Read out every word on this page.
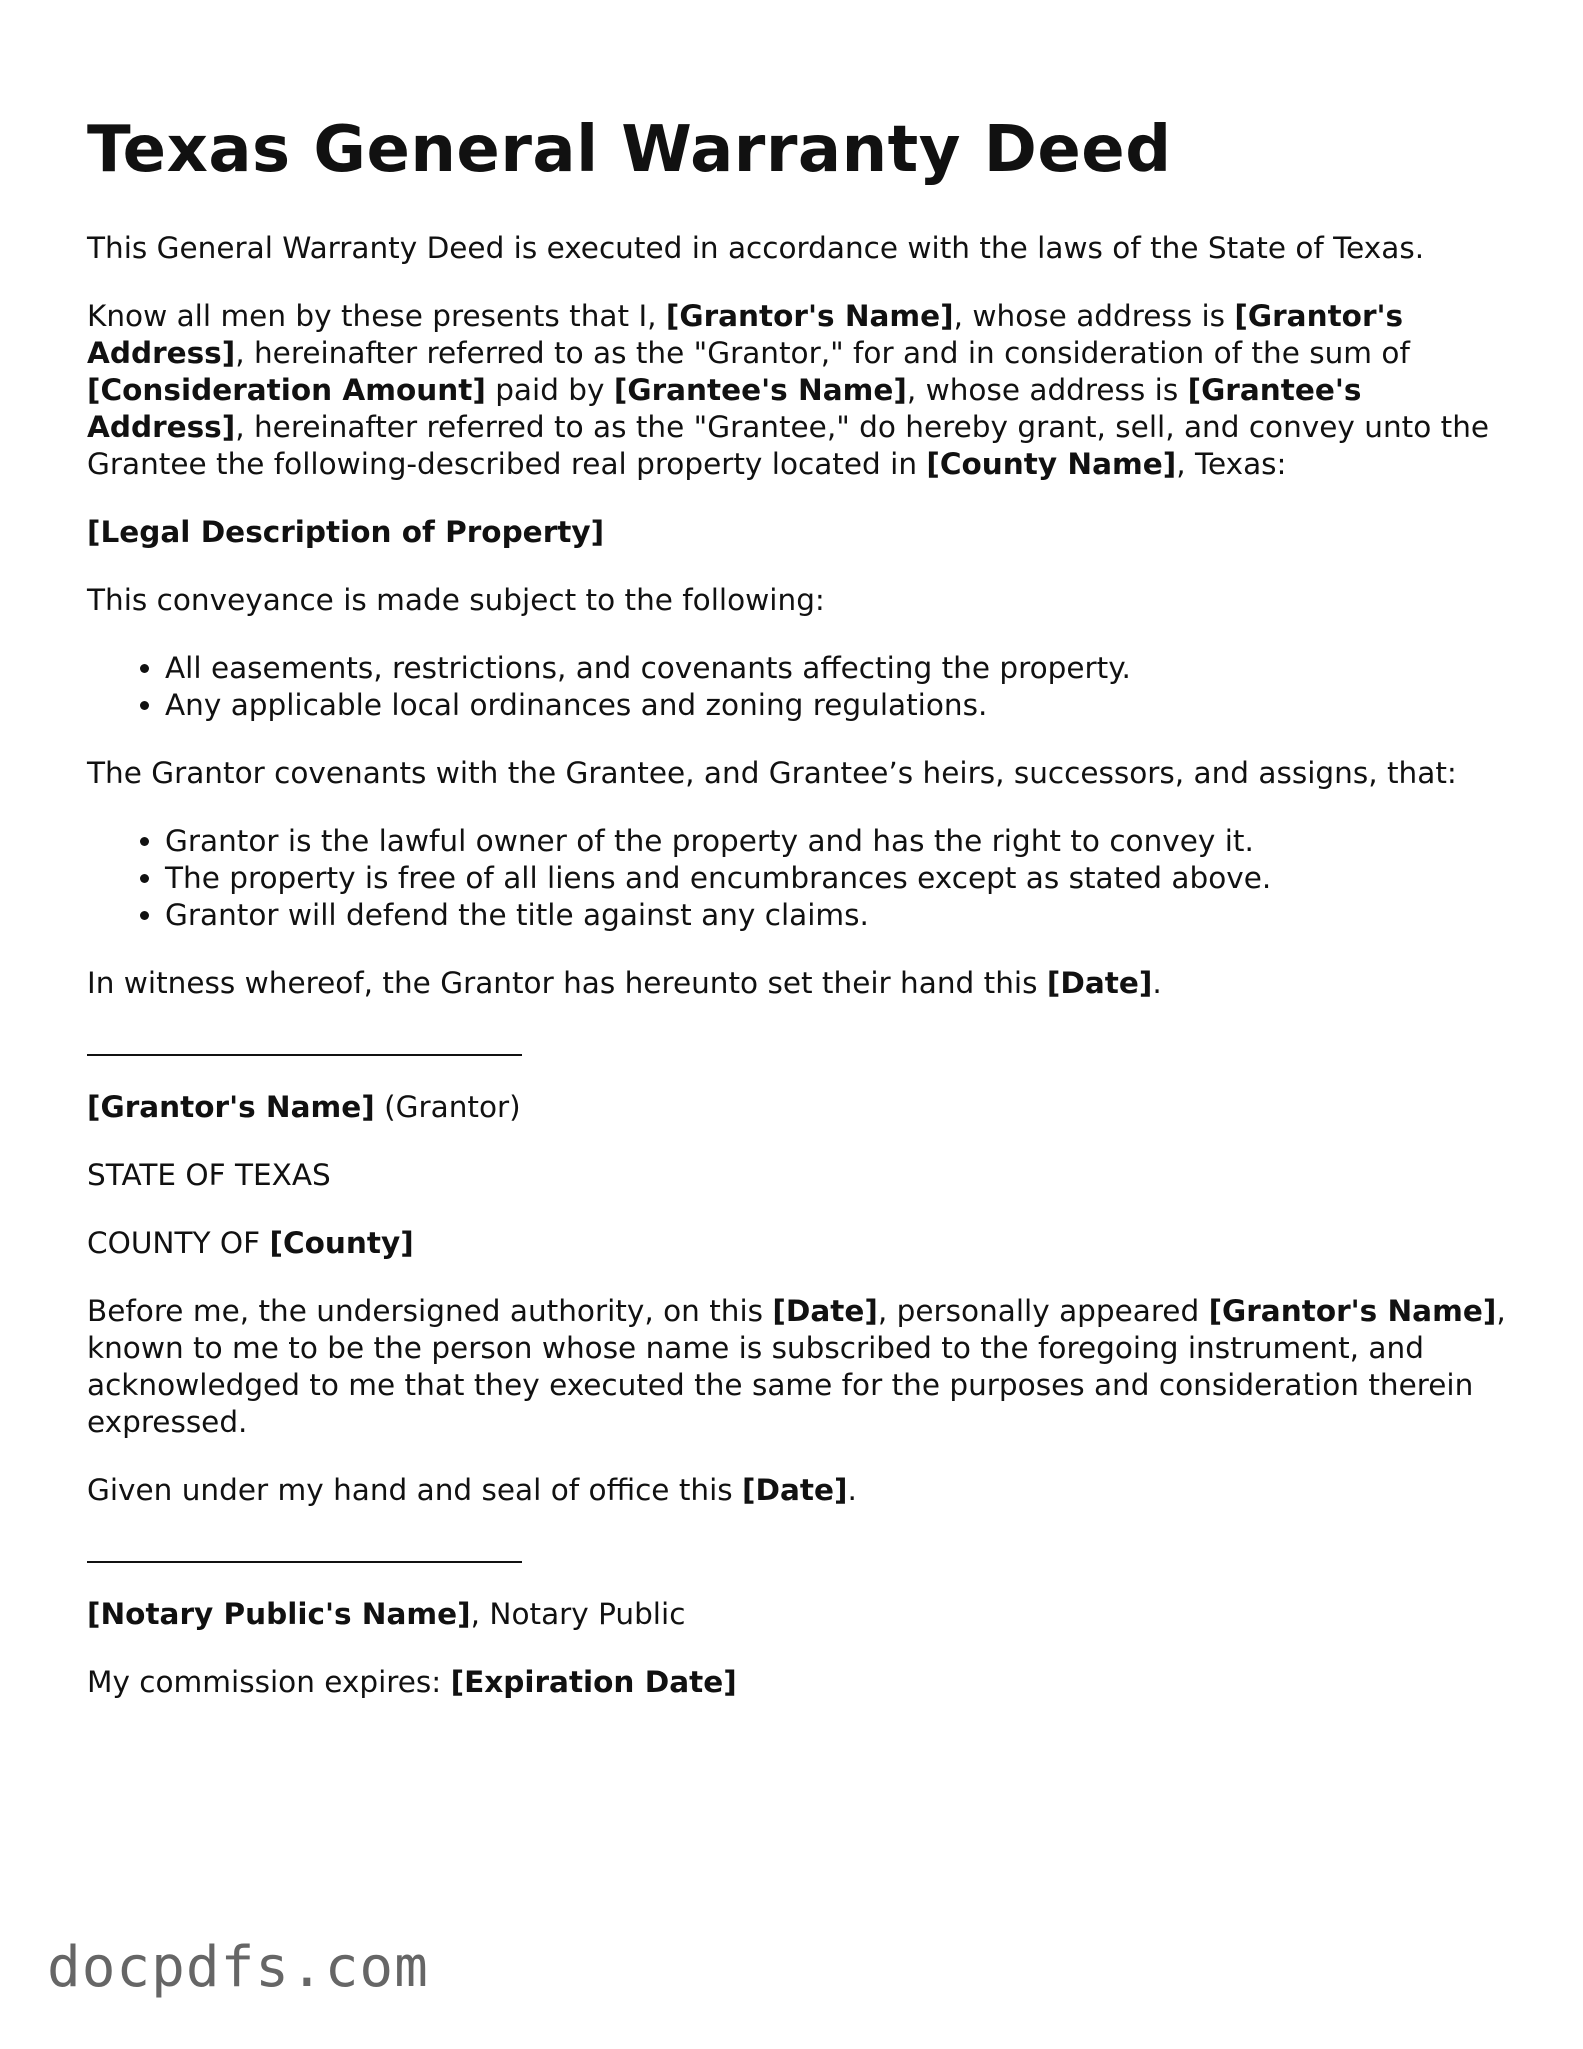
Texas General Warranty Deed

This General Warranty Deed is executed in accordance with the laws of the State of Texas.

Know all men by these presents that I, [Grantor's Name], whose address is [Grantor's Address], hereinafter referred to as the "Grantor," for and in consideration of the sum of [Consideration Amount] paid by [Grantee's Name], whose address is [Grantee's Address], hereinafter referred to as the "Grantee," do hereby grant, sell, and convey unto the Grantee the following-described real property located in [County Name], Texas:

[Legal Description of Property]

This conveyance is made subject to the following:

• All easements, restrictions, and covenants affecting the property.
• Any applicable local ordinances and zoning regulations.

The Grantor covenants with the Grantee, and Grantee’s heirs, successors, and assigns, that:

• Grantor is the lawful owner of the property and has the right to convey it.
• The property is free of all liens and encumbrances except as stated above.
• Grantor will defend the title against any claims.

In witness whereof, the Grantor has hereunto set their hand this [Date].

[Grantor's Name] (Grantor)

STATE OF TEXAS

COUNTY OF [County]

Before me, the undersigned authority, on this [Date], personally appeared [Grantor's Name], known to me to be the person whose name is subscribed to the foregoing instrument, and acknowledged to me that they executed the same for the purposes and consideration therein expressed.

Given under my hand and seal of office this [Date].

[Notary Public's Name], Notary Public

My commission expires: [Expiration Date]

docpdfs.com
